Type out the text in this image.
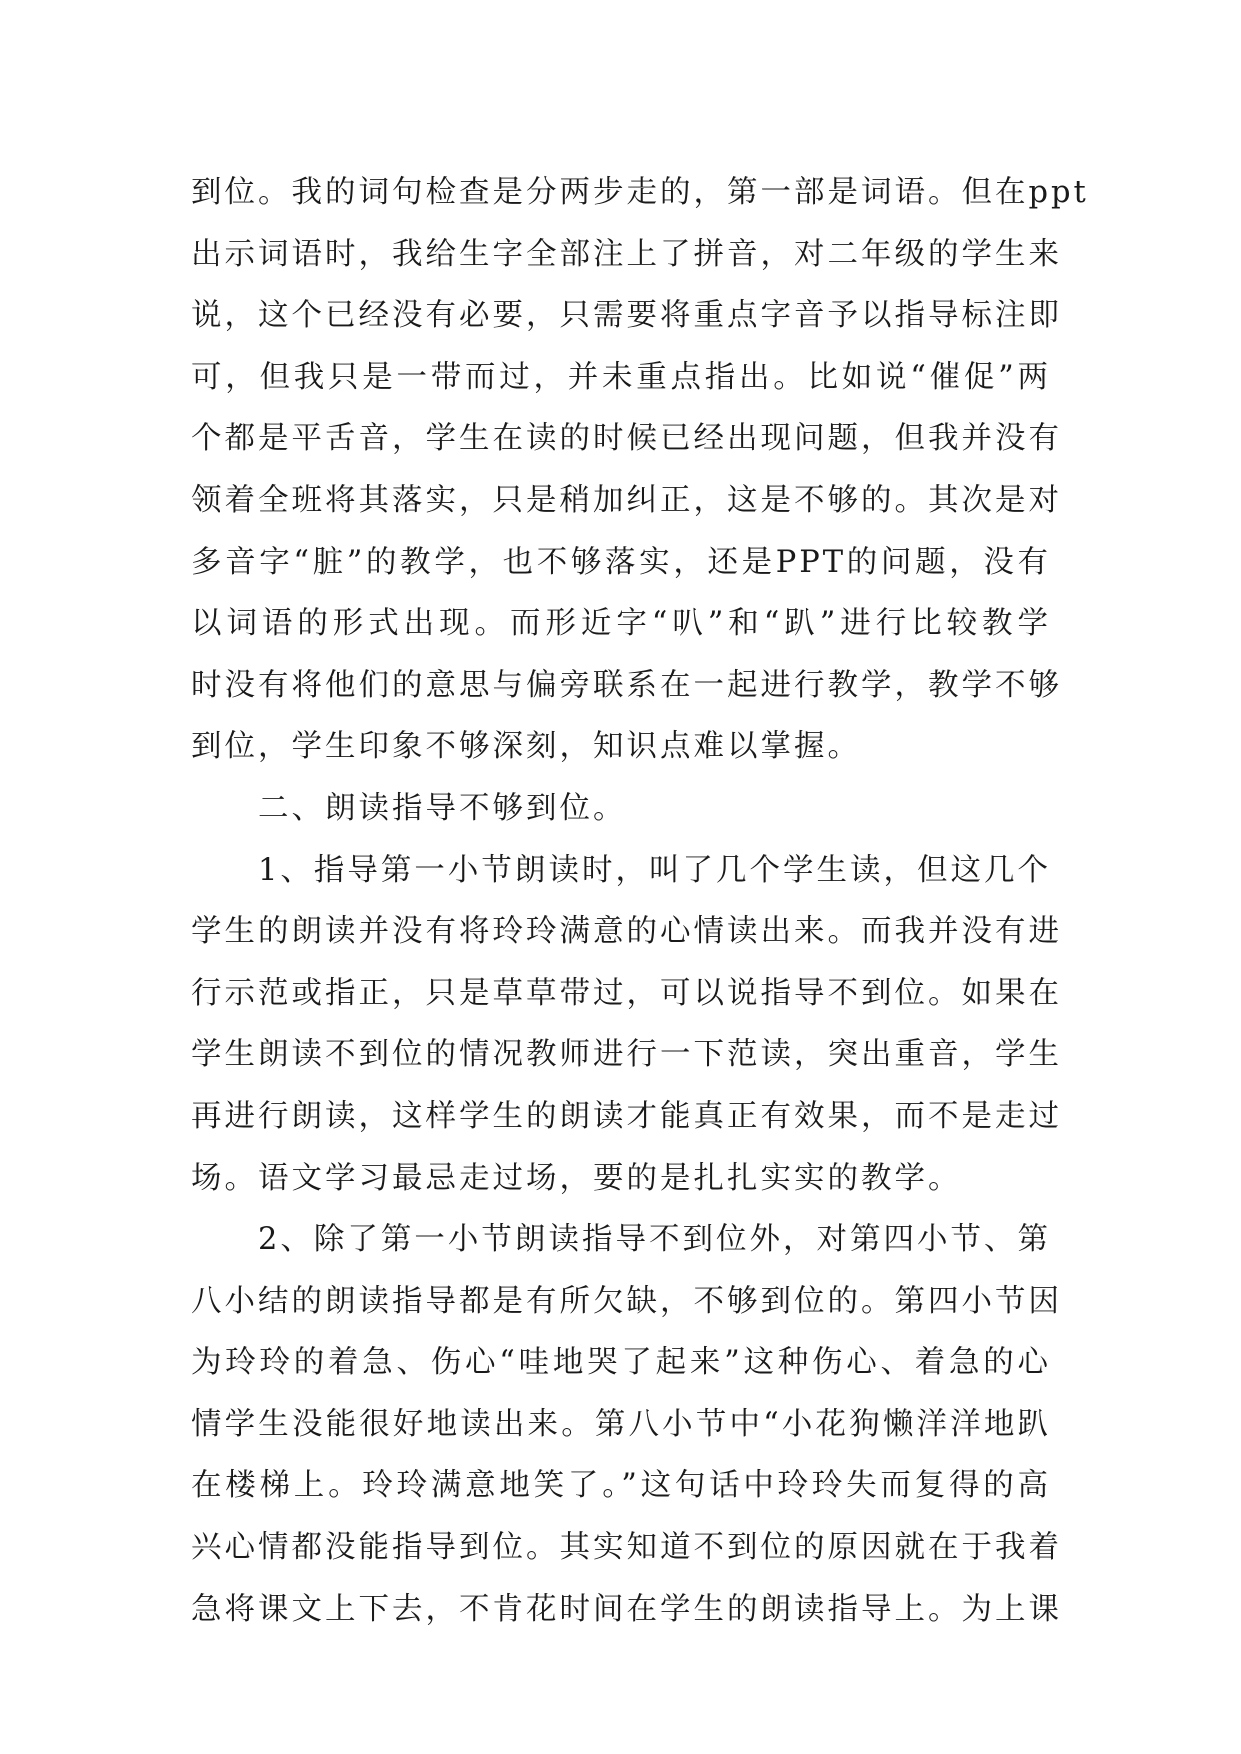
到位。我的词句检查是分两步走的，第一部是词语。但在ppt
出示词语时，我给生字全部注上了拼音，对二年级的学生来
说，这个已经没有必要，只需要将重点字音予以指导标注即
可，但我只是一带而过，并未重点指出。比如说“催促”两
个都是平舌音，学生在读的时候已经出现问题，但我并没有
领着全班将其落实，只是稍加纠正，这是不够的。其次是对
多音字“脏”的教学，也不够落实，还是PPT的问题，没有
以词语的形式出现。而形近字“叭”和“趴”进行比较教学
时没有将他们的意思与偏旁联系在一起进行教学，教学不够
到位，学生印象不够深刻，知识点难以掌握。
二、朗读指导不够到位。
1、指导第一小节朗读时，叫了几个学生读，但这几个
学生的朗读并没有将玲玲满意的心情读出来。而我并没有进
行示范或指正，只是草草带过，可以说指导不到位。如果在
学生朗读不到位的情况教师进行一下范读，突出重音，学生
再进行朗读，这样学生的朗读才能真正有效果，而不是走过
场。语文学习最忌走过场，要的是扎扎实实的教学。
2、除了第一小节朗读指导不到位外，对第四小节、第
八小结的朗读指导都是有所欠缺，不够到位的。第四小节因
为玲玲的着急、伤心“哇地哭了起来”这种伤心、着急的心
情学生没能很好地读出来。第八小节中“小花狗懒洋洋地趴
在楼梯上。玲玲满意地笑了。”这句话中玲玲失而复得的高
兴心情都没能指导到位。其实知道不到位的原因就在于我着
急将课文上下去，不肯花时间在学生的朗读指导上。为上课
